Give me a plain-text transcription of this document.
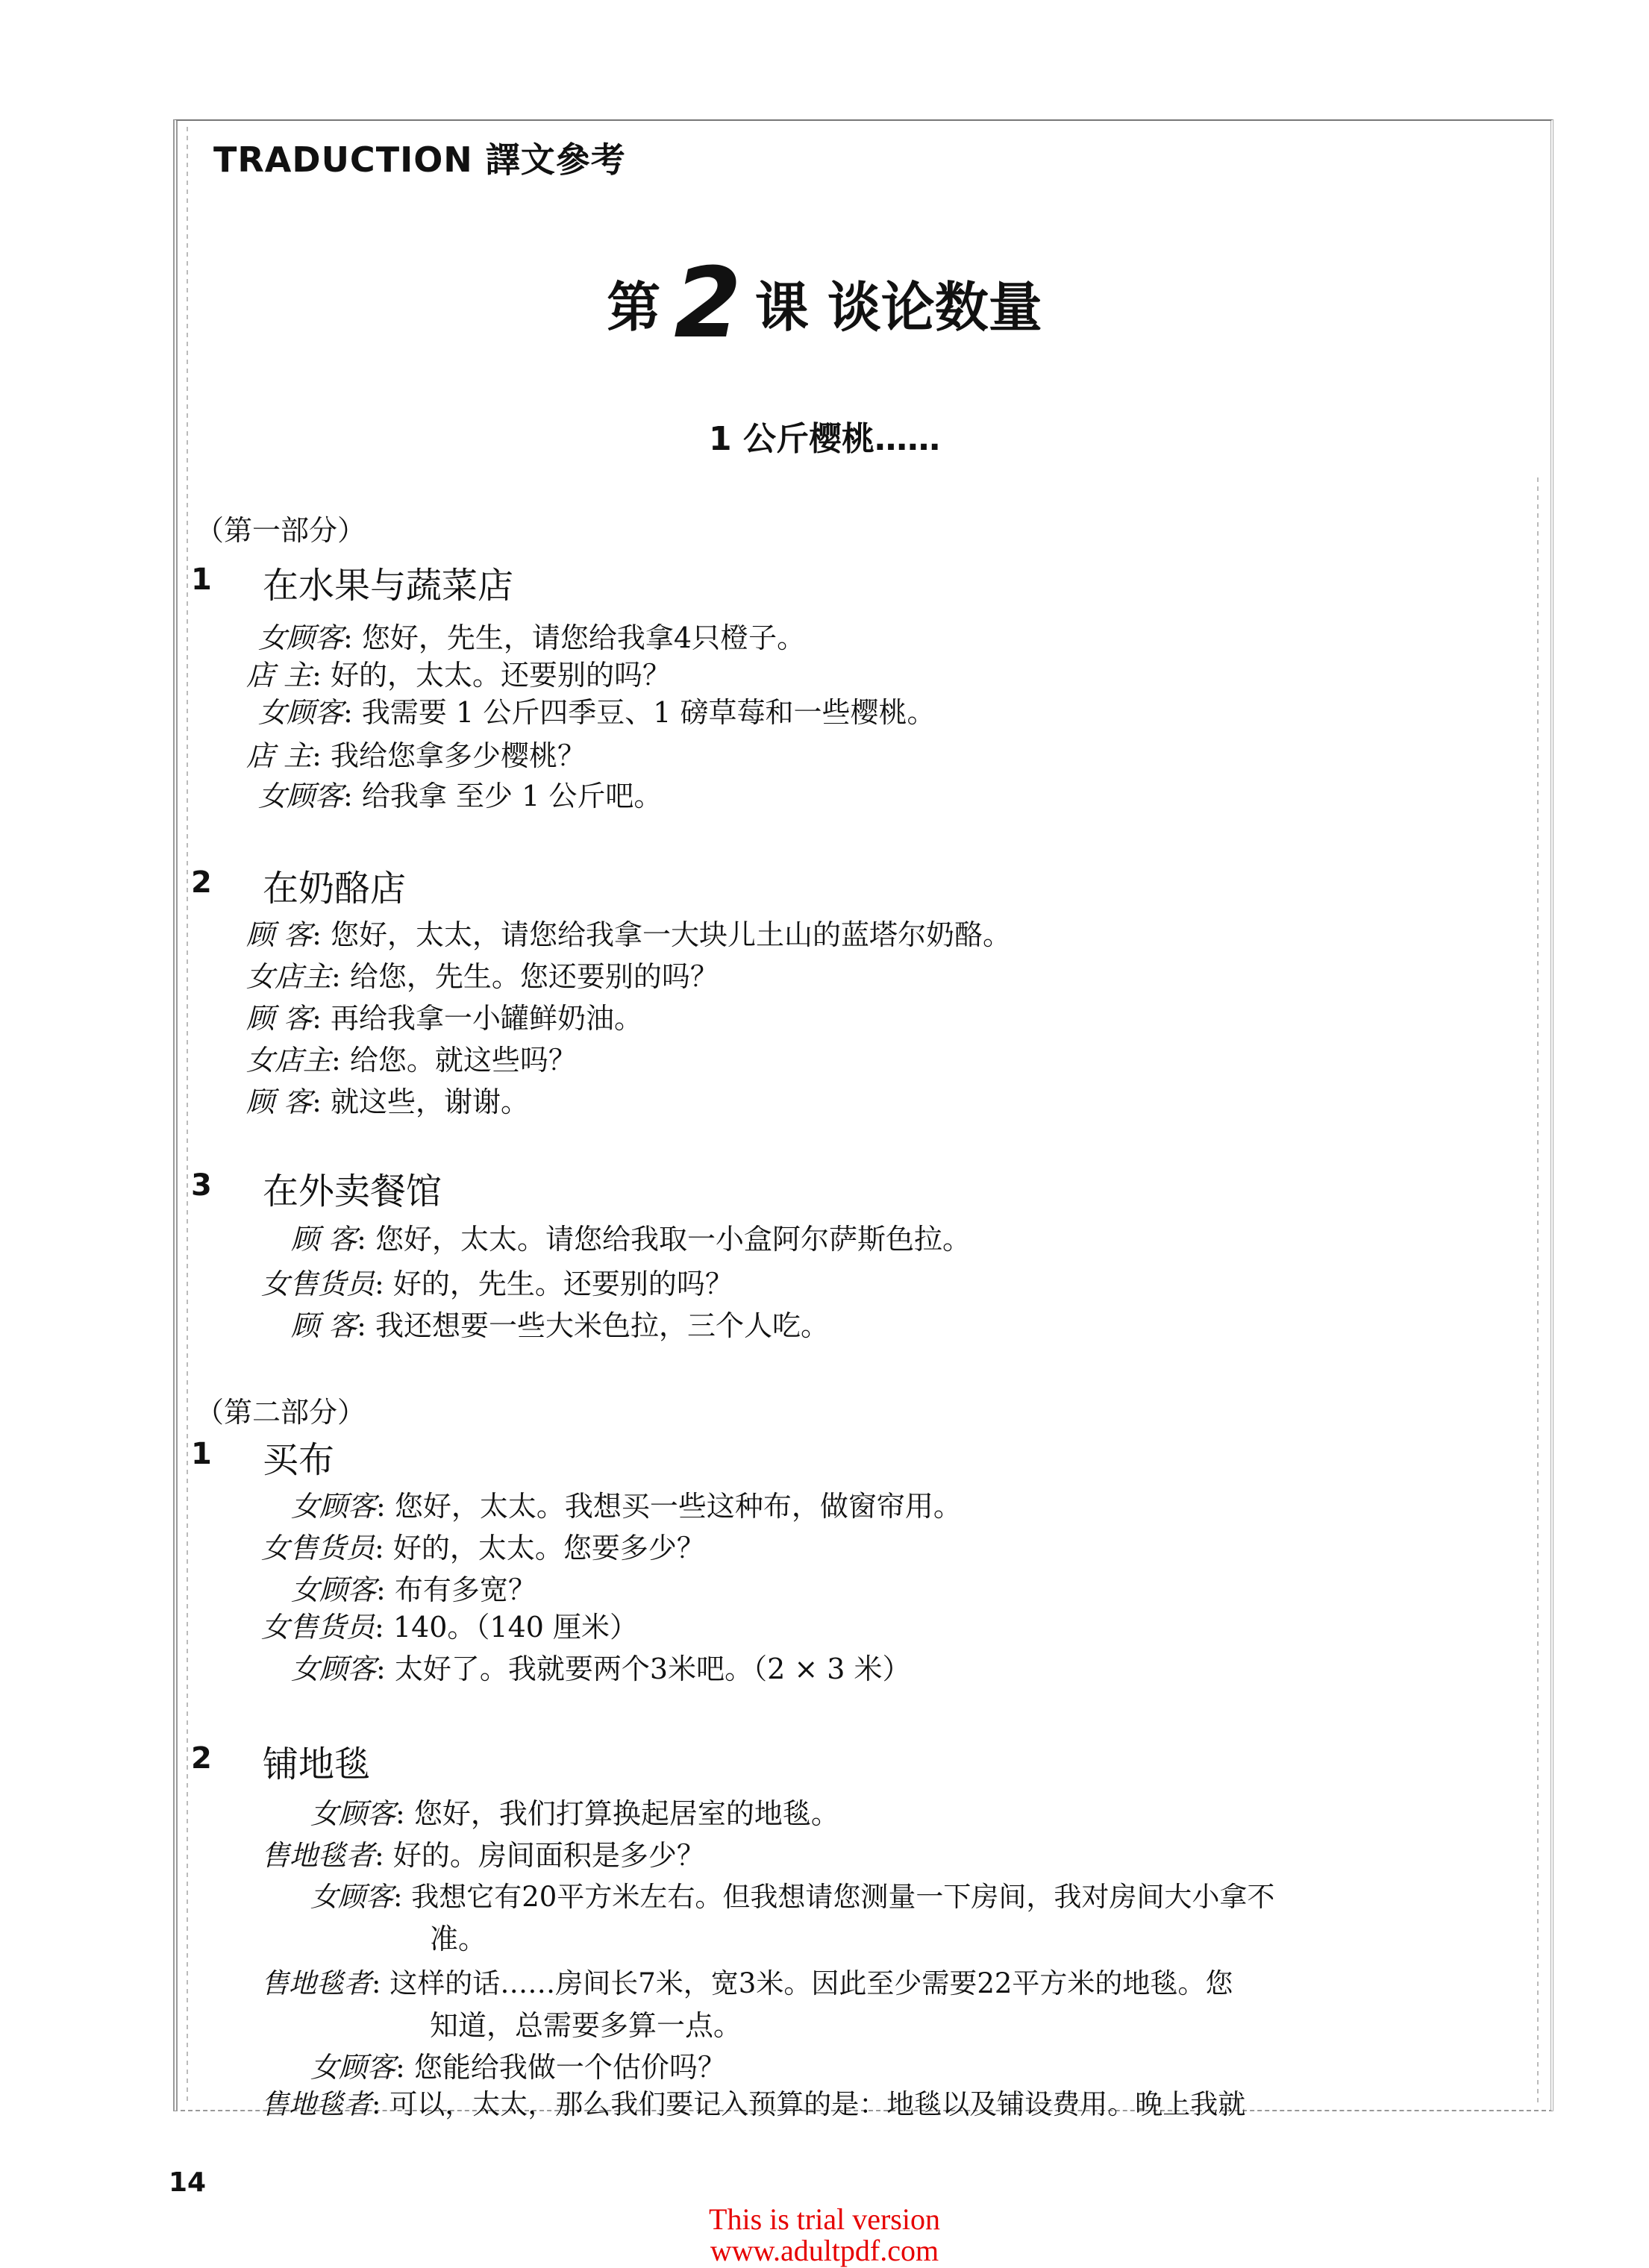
TRADUCTION 譯文參考
第 2 课 谈论数量
1 公斤樱桃……
（第一部分）
1 在水果与蔬菜店
女顾客: 您好，先生，请您给我拿4只橙子。
店 主: 好的，太太。还要别的吗？
女顾客: 我需要 1 公斤四季豆、1 磅草莓和一些樱桃。
店 主: 我给您拿多少樱桃？
女顾客: 给我拿 至少 1 公斤吧。
2 在奶酪店
顾 客: 您好，太太，请您给我拿一大块儿土山的蓝塔尔奶酪。
女店主: 给您，先生。您还要别的吗？
顾 客: 再给我拿一小罐鲜奶油。
女店主: 给您。就这些吗？
顾 客: 就这些，谢谢。
3 在外卖餐馆
顾 客: 您好，太太。请您给我取一小盒阿尔萨斯色拉。
女售货员: 好的，先生。还要别的吗？
顾 客: 我还想要一些大米色拉，三个人吃。
（第二部分）
1 买布
女顾客: 您好，太太。我想买一些这种布，做窗帘用。
女售货员: 好的，太太。您要多少？
女顾客: 布有多宽？
女售货员: 140。（140 厘米）
女顾客: 太好了。我就要两个3米吧。（2 × 3 米）
2 铺地毯
女顾客: 您好，我们打算换起居室的地毯。
售地毯者: 好的。房间面积是多少？
女顾客: 我想它有20平方米左右。但我想请您测量一下房间，我对房间大小拿不
准。
售地毯者: 这样的话……房间长7米，宽3米。因此至少需要22平方米的地毯。您
知道，总需要多算一点。
女顾客: 您能给我做一个估价吗？
售地毯者: 可以，太太，那么我们要记入预算的是：地毯以及铺设费用。晚上我就
14
This is trial version
www.adultpdf.com
